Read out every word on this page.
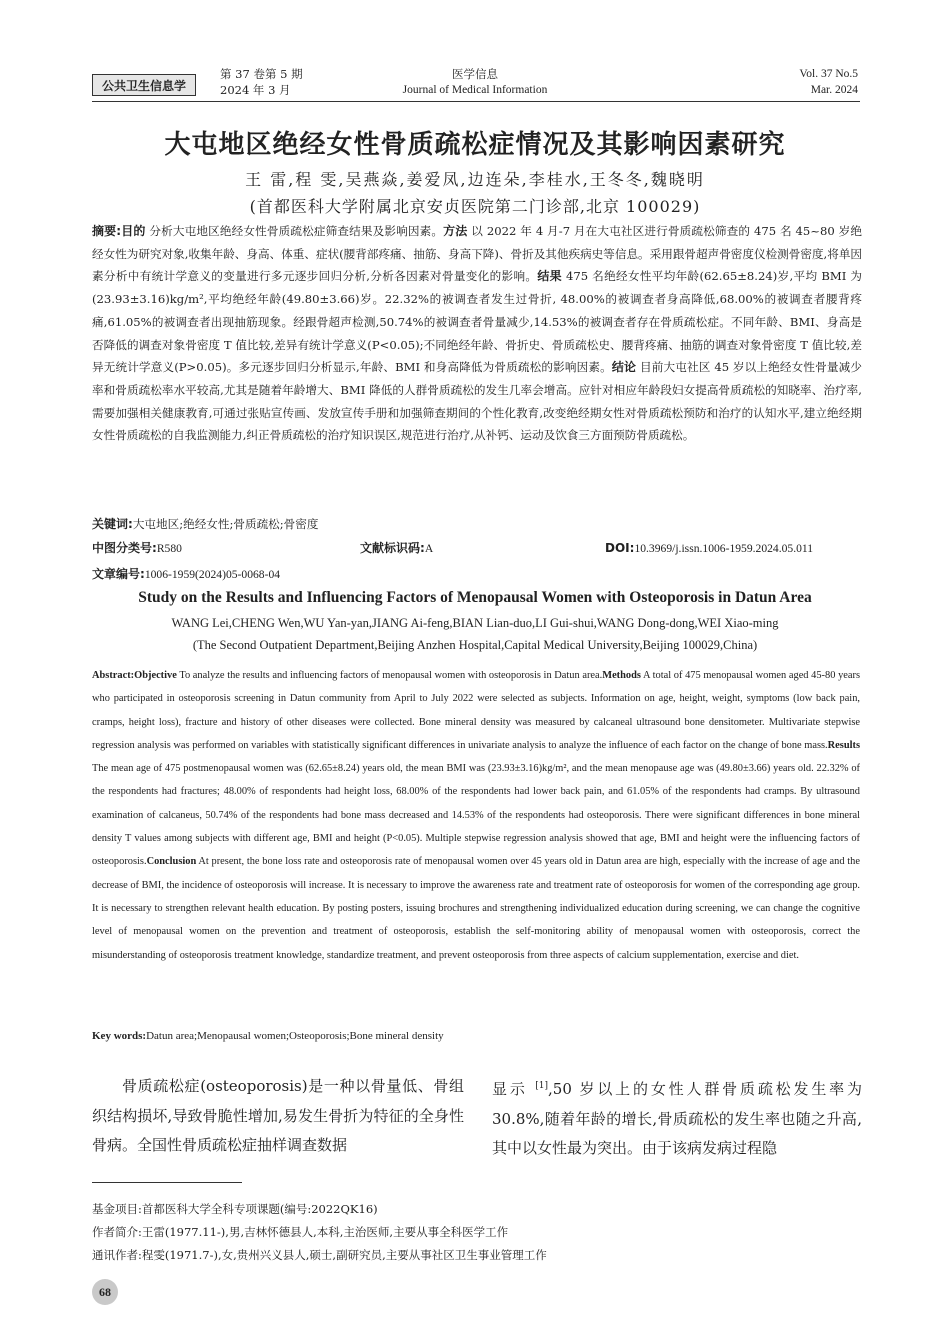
公共卫生信息学
第 37 卷第 5 期
2024 年 3 月
医学信息
Journal of Medical Information
Vol. 37 No.5
Mar. 2024
大屯地区绝经女性骨质疏松症情况及其影响因素研究
王 雷,程 雯,吴燕焱,姜爱凤,边连朵,李桂水,王冬冬,魏晓明
(首都医科大学附属北京安贞医院第二门诊部,北京 100029)
摘要:目的 分析大屯地区绝经女性骨质疏松症筛查结果及影响因素。方法 以 2022 年 4 月-7 月在大屯社区进行骨质疏松筛查的 475 名 45~80 岁绝经女性为研究对象,收集年龄、身高、体重、症状(腰背部疼痛、抽筋、身高下降)、骨折及其他疾病史等信息。采用跟骨超声骨密度仪检测骨密度,将单因素分析中有统计学意义的变量进行多元逐步回归分析,分析各因素对骨量变化的影响。结果 475 名绝经女性平均年龄(62.65±8.24)岁,平均 BMI 为(23.93±3.16)kg/m²,平均绝经年龄(49.80±3.66)岁。22.32%的被调查者发生过骨折, 48.00%的被调查者身高降低,68.00%的被调查者腰背疼痛,61.05%的被调查者出现抽筋现象。经跟骨超声检测,50.74%的被调查者骨量减少,14.53%的被调查者存在骨质疏松症。不同年龄、BMI、身高是否降低的调查对象骨密度 T 值比较,差异有统计学意义(P<0.05);不同绝经年龄、骨折史、骨质疏松史、腰背疼痛、抽筋的调查对象骨密度 T 值比较,差异无统计学意义(P>0.05)。多元逐步回归分析显示,年龄、BMI 和身高降低为骨质疏松的影响因素。结论 目前大屯社区 45 岁以上绝经女性骨量减少率和骨质疏松率水平较高,尤其是随着年龄增大、BMI 降低的人群骨质疏松的发生几率会增高。应针对相应年龄段妇女提高骨质疏松的知晓率、治疗率,需要加强相关健康教育,可通过张贴宣传画、发放宣传手册和加强筛查期间的个性化教育,改变绝经期女性对骨质疏松预防和治疗的认知水平,建立绝经期女性骨质疏松的自我监测能力,纠正骨质疏松的治疗知识误区,规范进行治疗,从补钙、运动及饮食三方面预防骨质疏松。
关键词:大屯地区;绝经女性;骨质疏松;骨密度
中图分类号:R580	文献标识码:A	DOI:10.3969/j.issn.1006-1959.2024.05.011
文章编号:1006-1959(2024)05-0068-04
Study on the Results and Influencing Factors of Menopausal Women with Osteoporosis in Datun Area
WANG Lei,CHENG Wen,WU Yan-yan,JIANG Ai-feng,BIAN Lian-duo,LI Gui-shui,WANG Dong-dong,WEI Xiao-ming
(The Second Outpatient Department,Beijing Anzhen Hospital,Capital Medical University,Beijing 100029,China)
Abstract:Objective To analyze the results and influencing factors of menopausal women with osteoporosis in Datun area.Methods A total of 475 menopausal women aged 45-80 years who participated in osteoporosis screening in Datun community from April to July 2022 were selected as subjects. Information on age, height, weight, symptoms (low back pain, cramps, height loss), fracture and history of other diseases were collected. Bone mineral density was measured by calcaneal ultrasound bone densitometer. Multivariate stepwise regression analysis was performed on variables with statistically significant differences in univariate analysis to analyze the influence of each factor on the change of bone mass.Results The mean age of 475 postmenopausal women was (62.65±8.24) years old, the mean BMI was (23.93±3.16)kg/m², and the mean menopause age was (49.80±3.66) years old. 22.32% of the respondents had fractures; 48.00% of respondents had height loss, 68.00% of the respondents had lower back pain, and 61.05% of the respondents had cramps. By ultrasound examination of calcaneus, 50.74% of the respondents had bone mass decreased and 14.53% of the respondents had osteoporosis. There were significant differences in bone mineral density T values among subjects with different age, BMI and height (P<0.05). Multiple stepwise regression analysis showed that age, BMI and height were the influencing factors of osteoporosis.Conclusion At present, the bone loss rate and osteoporosis rate of menopausal women over 45 years old in Datun area are high, especially with the increase of age and the decrease of BMI, the incidence of osteoporosis will increase. It is necessary to improve the awareness rate and treatment rate of osteoporosis for women of the corresponding age group. It is necessary to strengthen relevant health education. By posting posters, issuing brochures and strengthening individualized education during screening, we can change the cognitive level of menopausal women on the prevention and treatment of osteoporosis, establish the self-monitoring ability of menopausal women with osteoporosis, correct the misunderstanding of osteoporosis treatment knowledge, standardize treatment, and prevent osteoporosis from three aspects of calcium supplementation, exercise and diet.
Key words:Datun area;Menopausal women;Osteoporosis;Bone mineral density
骨质疏松症(osteoporosis)是一种以骨量低、骨组织结构损坏,导致骨脆性增加,易发生骨折为特征的全身性骨病。全国性骨质疏松症抽样调查数据
显示 [1],50 岁以上的女性人群骨质疏松发生率为 30.8%,随着年龄的增长,骨质疏松的发生率也随之升高, 其中以女性最为突出。由于该病发病过程隐
基金项目:首都医科大学全科专项课题(编号:2022QK16)
作者简介:王雷(1977.11-),男,吉林怀德县人,本科,主治医师,主要从事全科医学工作
通讯作者:程雯(1971.7-),女,贵州兴义县人,硕士,副研究员,主要从事社区卫生事业管理工作
68
